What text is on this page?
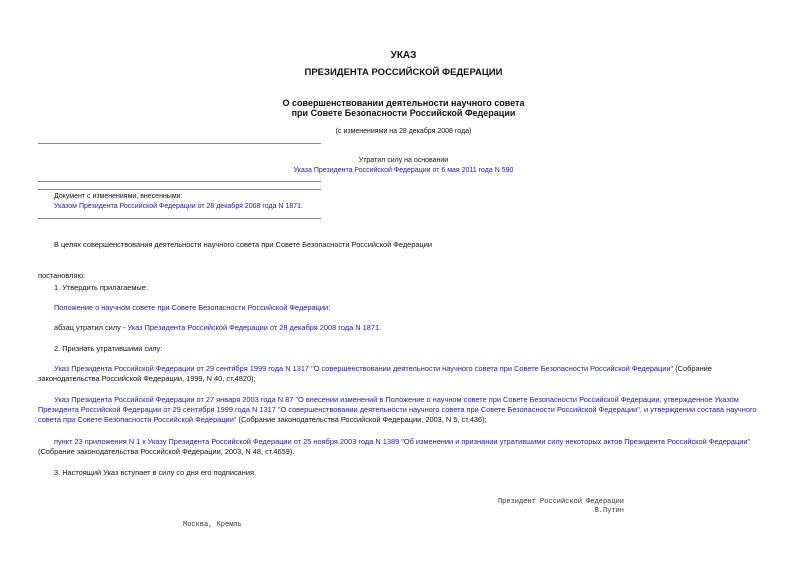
УКАЗ
ПРЕЗИДЕНТА РОССИЙСКОЙ ФЕДЕРАЦИИ
О совершенствовании деятельности научного совета
при Совете Безопасности Российской Федерации
(с изменениями на 28 декабря 2008 года)
Утратил силу на основании
Указа Президента Российской Федерации от 6 мая 2011 года N 590
Документ с изменениями, внесенными:
Указом Президента Российской Федерации от 28 декабря 2008 года N 1871.
В целях совершенствования деятельности научного совета при Совете Безопасности Российской Федерации
постановляю:
1. Утвердить прилагаемые:
Положение о научном совете при Совете Безопасности Российской Федерации;
абзац утратил силу - Указ Президента Российской Федерации от 28 декабря 2008 года N 1871.
2. Признать утратившими силу:

Указ Президента Российской Федерации от 29 сентября 1999 года N 1317 "О совершенствовании деятельности научного совета при Совете Безопасности Российской Федерации" (Собрание законодательства Российской Федерации, 1999, N 40, ст.4820);

Указ Президента Российской Федерации от 27 января 2003 года N 87 "О внесении изменений в Положение о научном совете при Совете Безопасности Российской Федерации, утвержденное Указом Президента Российской Федерации от 29 сентября 1999 года N 1317 "О совершенствовании деятельности научного совета при Совете Безопасности Российской Федерации", и утверждении состава научного совета при Совете Безопасности Российской Федерации" (Собрание законодательства Российской Федерации, 2003, N 5, ст.436);

пункт 23 приложения N 1 к Указу Президента Российской Федерации от 25 ноября 2003 года N 1389 "Об изменении и признании утратившими силу некоторых актов Президента Российской Федерации" (Собрание законодательства Российской Федерации, 2003, N 48, ст.4659).

3. Настоящий Указ вступает в силу со дня его подписания.
Президент Российской Федерации
В.Путин
Москва, Кремль
